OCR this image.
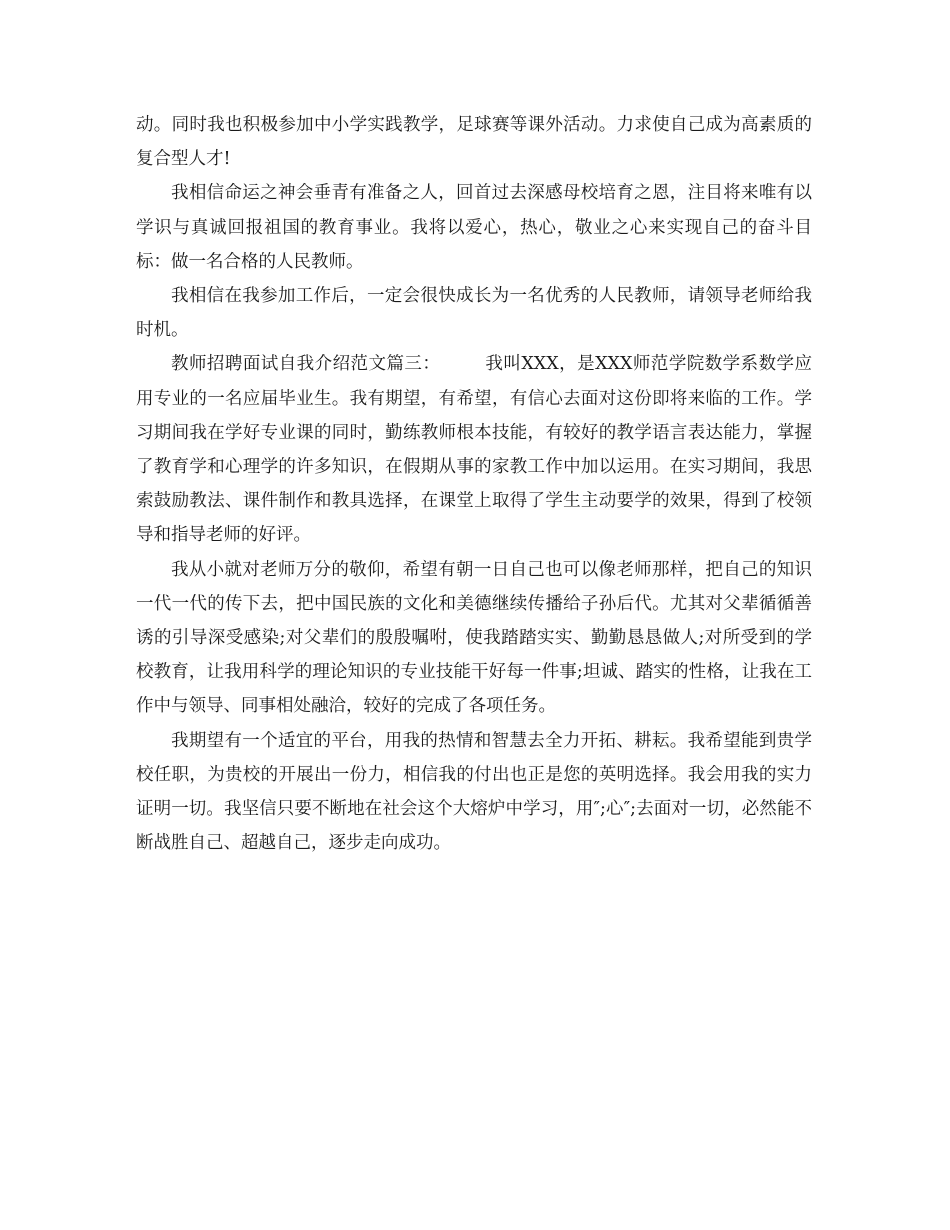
动。同时我也积极参加中小学实践教学，足球赛等课外活动。力求使自己成为高素质的复合型人才!

我相信命运之神会垂青有准备之人，回首过去深感母校培育之恩，注目将来唯有以学识与真诚回报祖国的教育事业。我将以爱心，热心，敬业之心来实现自己的奋斗目标：做一名合格的人民教师。

我相信在我参加工作后，一定会很快成长为一名优秀的人民教师，请领导老师给我时机。

教师招聘面试自我介绍范文篇三：　　　我叫XXX，是XXX师范学院数学系数学应用专业的一名应届毕业生。我有期望，有希望，有信心去面对这份即将来临的工作。学习期间我在学好专业课的同时，勤练教师根本技能，有较好的教学语言表达能力，掌握了教育学和心理学的许多知识，在假期从事的家教工作中加以运用。在实习期间，我思索鼓励教法、课件制作和教具选择，在课堂上取得了学生主动要学的效果，得到了校领导和指导老师的好评。

我从小就对老师万分的敬仰，希望有朝一日自己也可以像老师那样，把自己的知识一代一代的传下去，把中国民族的文化和美德继续传播给子孙后代。尤其对父辈循循善诱的引导深受感染;对父辈们的殷殷嘱咐，使我踏踏实实、勤勤恳恳做人;对所受到的学校教育，让我用科学的理论知识的专业技能干好每一件事;坦诚、踏实的性格，让我在工作中与领导、同事相处融洽，较好的完成了各项任务。

我期望有一个适宜的平台，用我的热情和智慧去全力开拓、耕耘。我希望能到贵学校任职，为贵校的开展出一份力，相信我的付出也正是您的英明选择。我会用我的实力证明一切。我坚信只要不断地在社会这个大熔炉中学习，用″;心″;去面对一切，必然能不断战胜自己、超越自己，逐步走向成功。
